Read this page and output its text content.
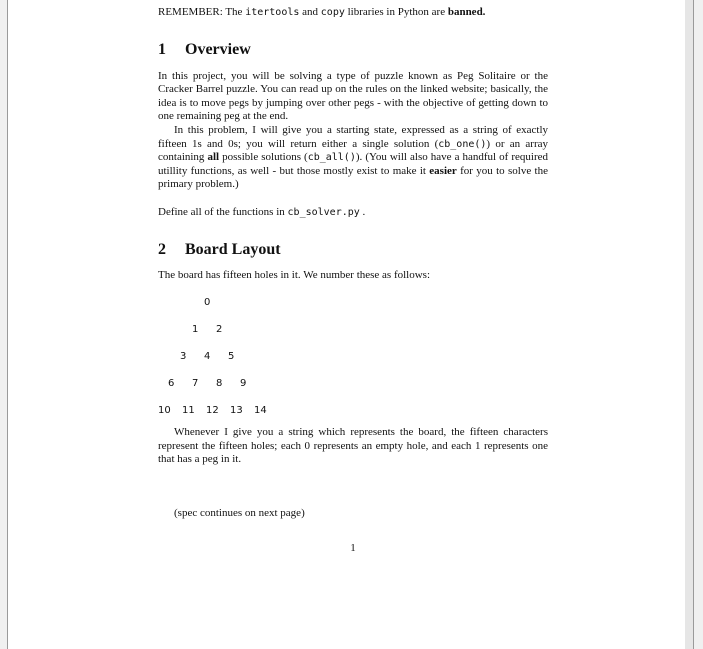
REMEMBER: The itertools and copy libraries in Python are banned.

1 Overview

In this project, you will be solving a type of puzzle known as Peg Solitaire or the Cracker Barrel puzzle. You can read up on the rules on the linked website; basically, the idea is to move pegs by jumping over other pegs - with the objective of getting down to one remaining peg at the end.

In this problem, I will give you a starting state, expressed as a string of exactly fifteen 1s and 0s; you will return either a single solution (cb_one()) or an array containing all possible solutions (cb_all()). (You will also have a handful of required utillity functions, as well - but those mostly exist to make it easier for you to solve the primary problem.)

Define all of the functions in cb_solver.py .

2 Board Layout

The board has fifteen holes in it. We number these as follows:

0
1 2
3 4 5
6 7 8 9
10 11 12 13 14

Whenever I give you a string which represents the board, the fifteen characters represent the fifteen holes; each 0 represents an empty hole, and each 1 represents one that has a peg in it.

(spec continues on next page)

1
